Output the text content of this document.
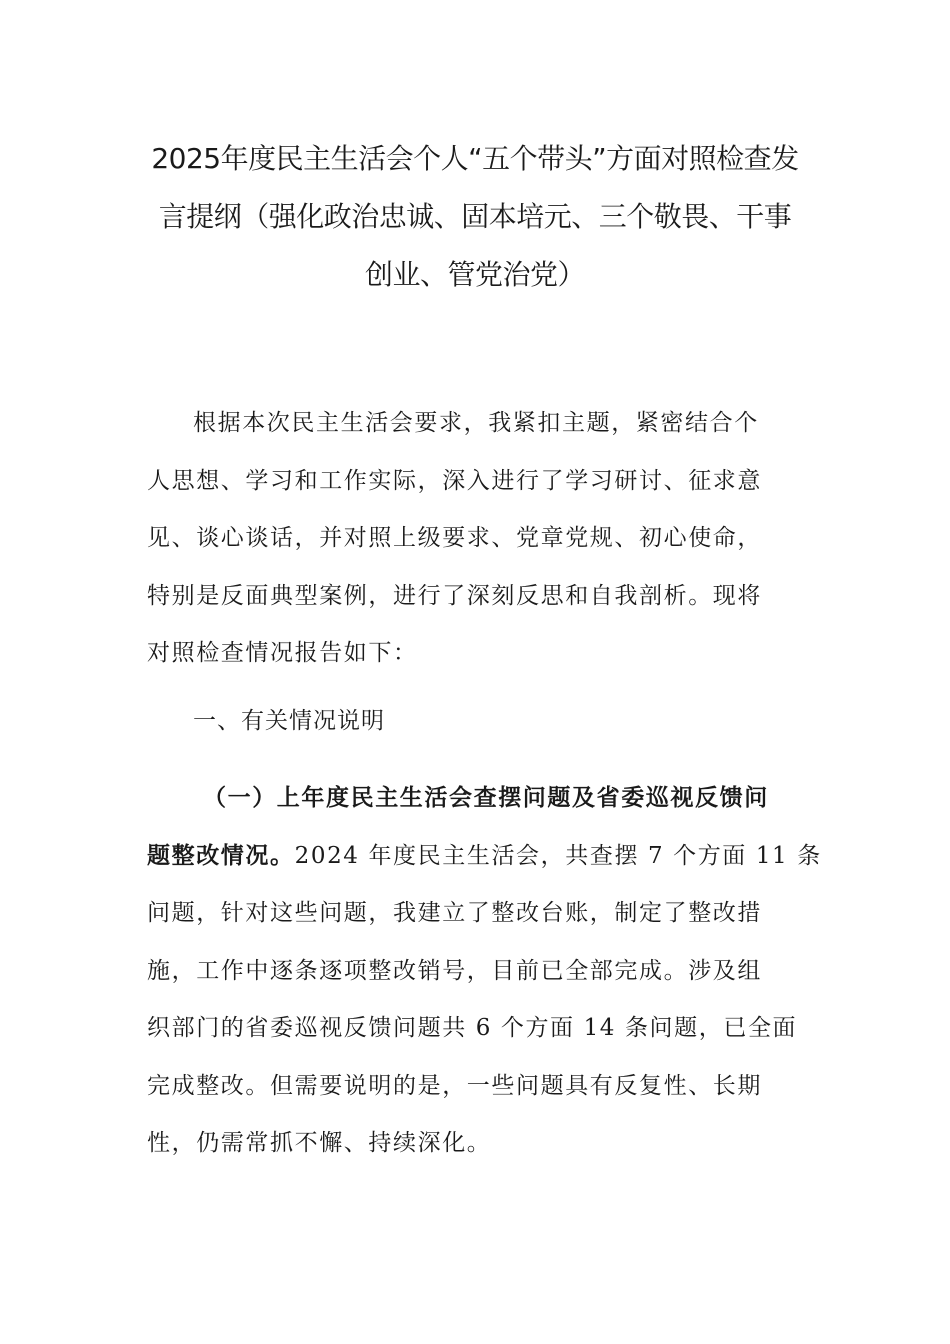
2025年度民主生活会个人“五个带头”方面对照检查发
言提纲（强化政治忠诚、固本培元、三个敬畏、干事
创业、管党治党）
根据本次民主生活会要求，我紧扣主题，紧密结合个
人思想、学习和工作实际，深入进行了学习研讨、征求意
见、谈心谈话，并对照上级要求、党章党规、初心使命，
特别是反面典型案例，进行了深刻反思和自我剖析。现将
对照检查情况报告如下：
一、有关情况说明
（一）上年度民主生活会查摆问题及省委巡视反馈问
题整改情况。2024 年度民主生活会，共查摆 7 个方面 11 条
问题，针对这些问题，我建立了整改台账，制定了整改措
施，工作中逐条逐项整改销号，目前已全部完成。涉及组
织部门的省委巡视反馈问题共 6 个方面 14 条问题，已全面
完成整改。但需要说明的是，一些问题具有反复性、长期
性，仍需常抓不懈、持续深化。
